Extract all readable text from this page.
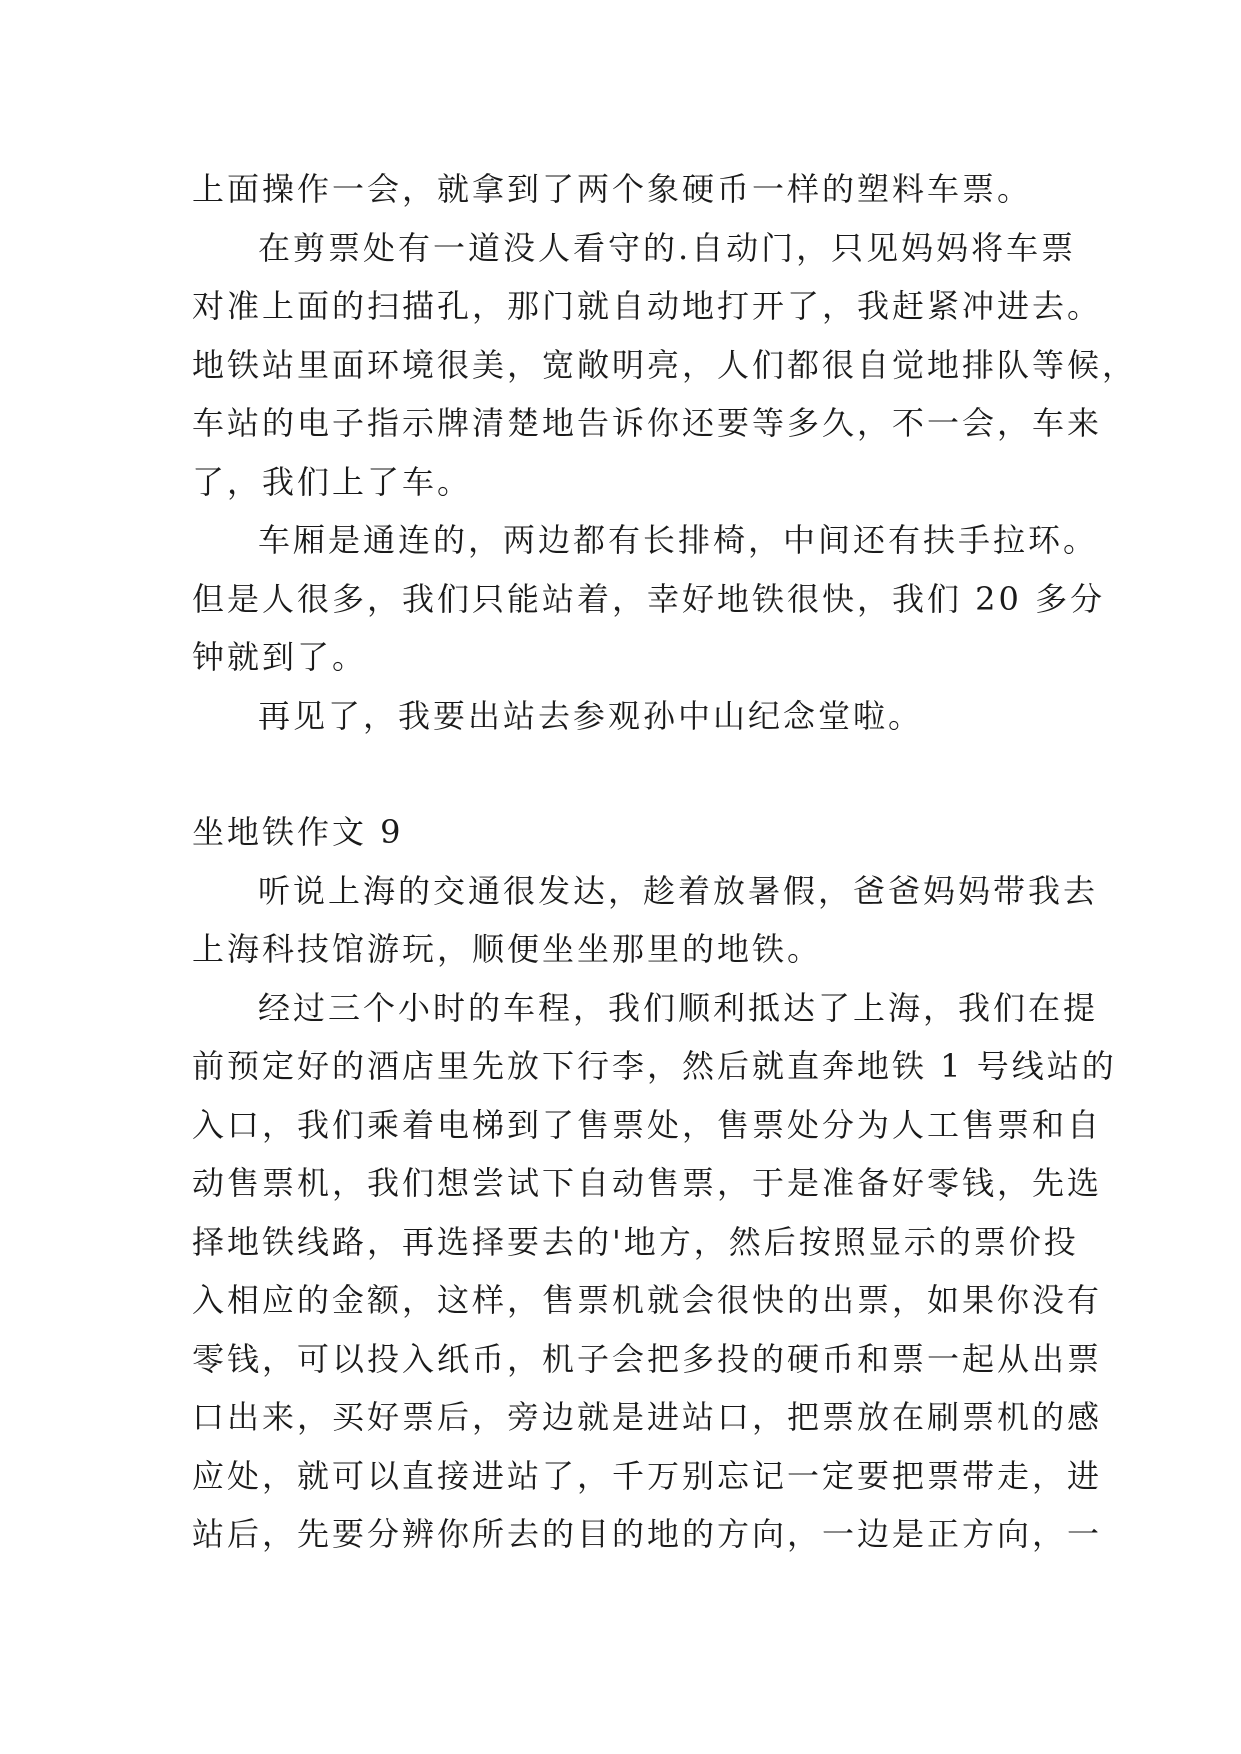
上面操作一会，就拿到了两个象硬币一样的塑料车票。
在剪票处有一道没人看守的.自动门，只见妈妈将车票
对准上面的扫描孔，那门就自动地打开了，我赶紧冲进去。
地铁站里面环境很美，宽敞明亮，人们都很自觉地排队等候，
车站的电子指示牌清楚地告诉你还要等多久，不一会，车来
了，我们上了车。
车厢是通连的，两边都有长排椅，中间还有扶手拉环。
但是人很多，我们只能站着，幸好地铁很快，我们 20 多分
钟就到了。
再见了，我要出站去参观孙中山纪念堂啦。
坐地铁作文 9
听说上海的交通很发达，趁着放暑假，爸爸妈妈带我去
上海科技馆游玩，顺便坐坐那里的地铁。
经过三个小时的车程，我们顺利抵达了上海，我们在提
前预定好的酒店里先放下行李，然后就直奔地铁 1 号线站的
入口，我们乘着电梯到了售票处，售票处分为人工售票和自
动售票机，我们想尝试下自动售票，于是准备好零钱，先选
择地铁线路，再选择要去的'地方，然后按照显示的票价投
入相应的金额，这样，售票机就会很快的出票，如果你没有
零钱，可以投入纸币，机子会把多投的硬币和票一起从出票
口出来，买好票后，旁边就是进站口，把票放在刷票机的感
应处，就可以直接进站了，千万别忘记一定要把票带走，进
站后，先要分辨你所去的目的地的方向，一边是正方向，一
